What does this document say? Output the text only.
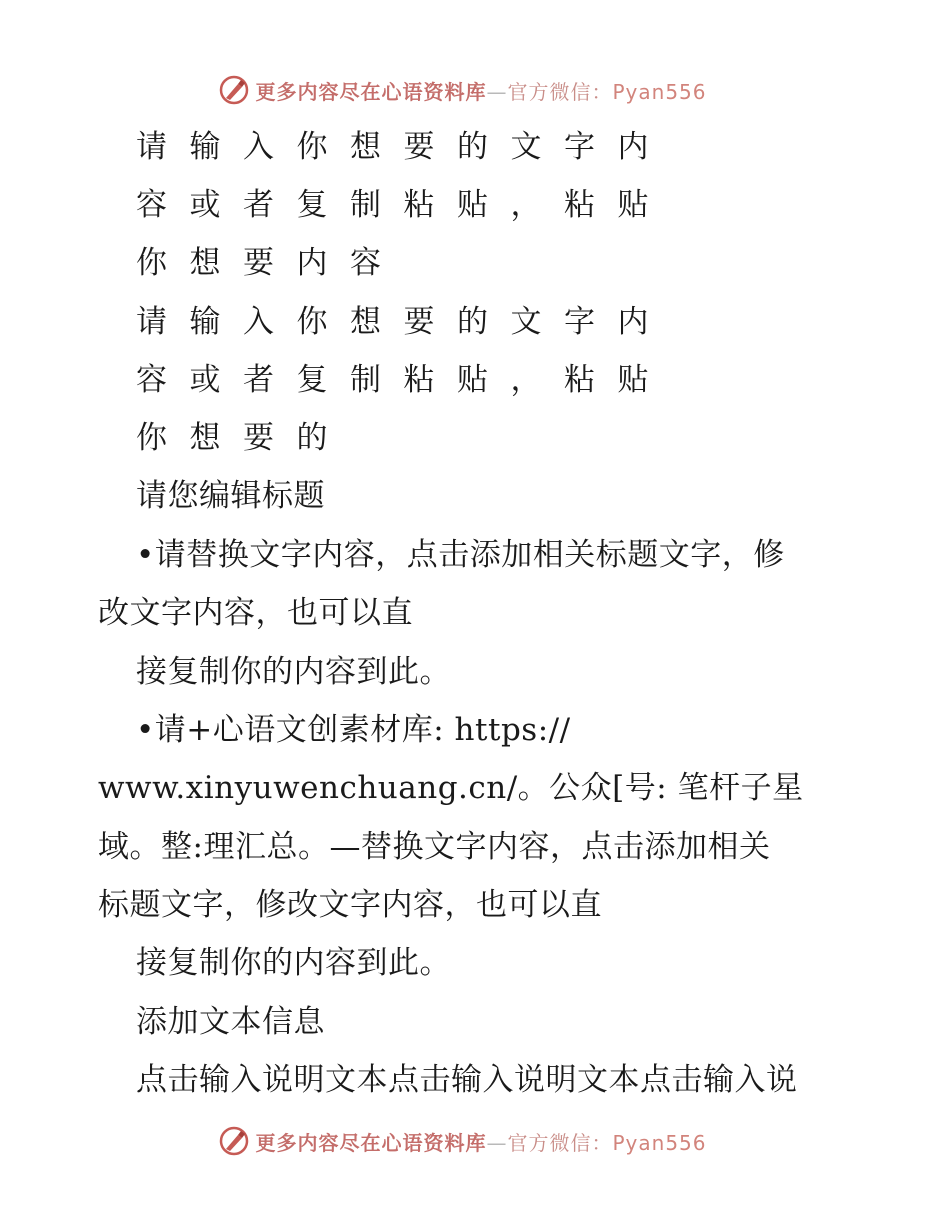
更多内容尽在心语资料库—官方微信：Pyan556
请输入你想要的文字内
容或者复制粘贴，粘贴
你想要内容
请输入你想要的文字内
容或者复制粘贴，粘贴
你想要的
请您编辑标题
•请替换文字内容，点击添加相关标题文字，修
改文字内容，也可以直
接复制你的内容到此。
•请+心语文创素材库: https://
www.xinyuwenchuang.cn/。公众[号: 笔杆子星
域。整:理汇总。—替换文字内容，点击添加相关
标题文字，修改文字内容，也可以直
接复制你的内容到此。
添加文本信息
点击输入说明文本点击输入说明文本点击输入说
更多内容尽在心语资料库—官方微信：Pyan556
